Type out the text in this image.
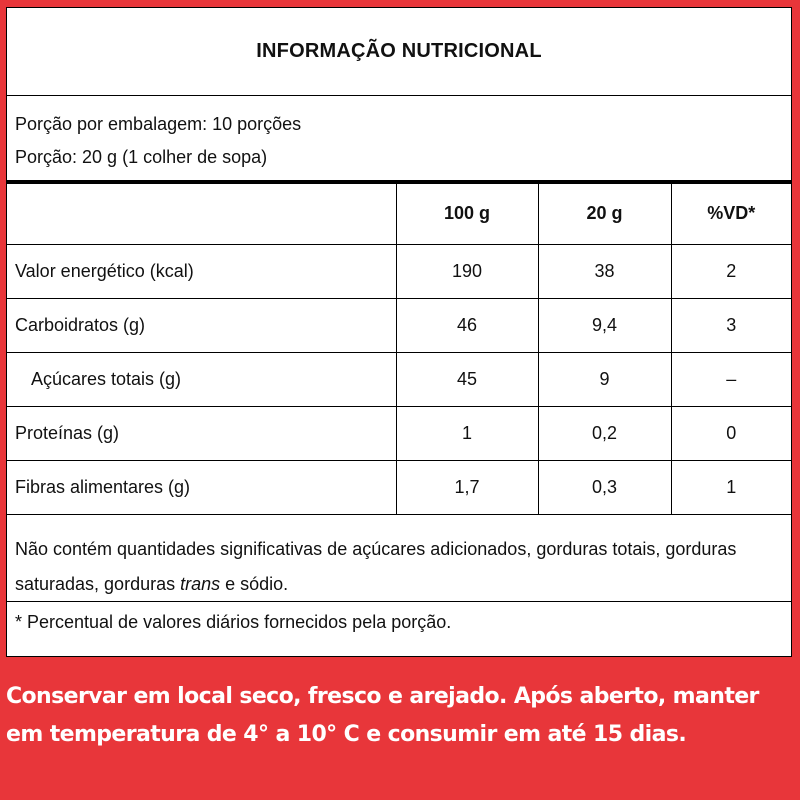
INFORMAÇÃO NUTRICIONAL
Porção por embalagem: 10 porções
Porção: 20 g (1 colher de sopa)
	100 g	20 g	%VD*
Valor energético (kcal)	190	38	2
Carboidratos (g)	46	9,4	3
Açúcares totais (g)	45	9	–
Proteínas (g)	1	0,2	0
Fibras alimentares (g)	1,7	0,3	1
Não contém quantidades significativas de açúcares adicionados, gorduras totais, gorduras saturadas, gorduras trans e sódio.
* Percentual de valores diários fornecidos pela porção.
Conservar em local seco, fresco e arejado. Após aberto, manter em temperatura de 4° a 10° C e consumir em até 15 dias.
